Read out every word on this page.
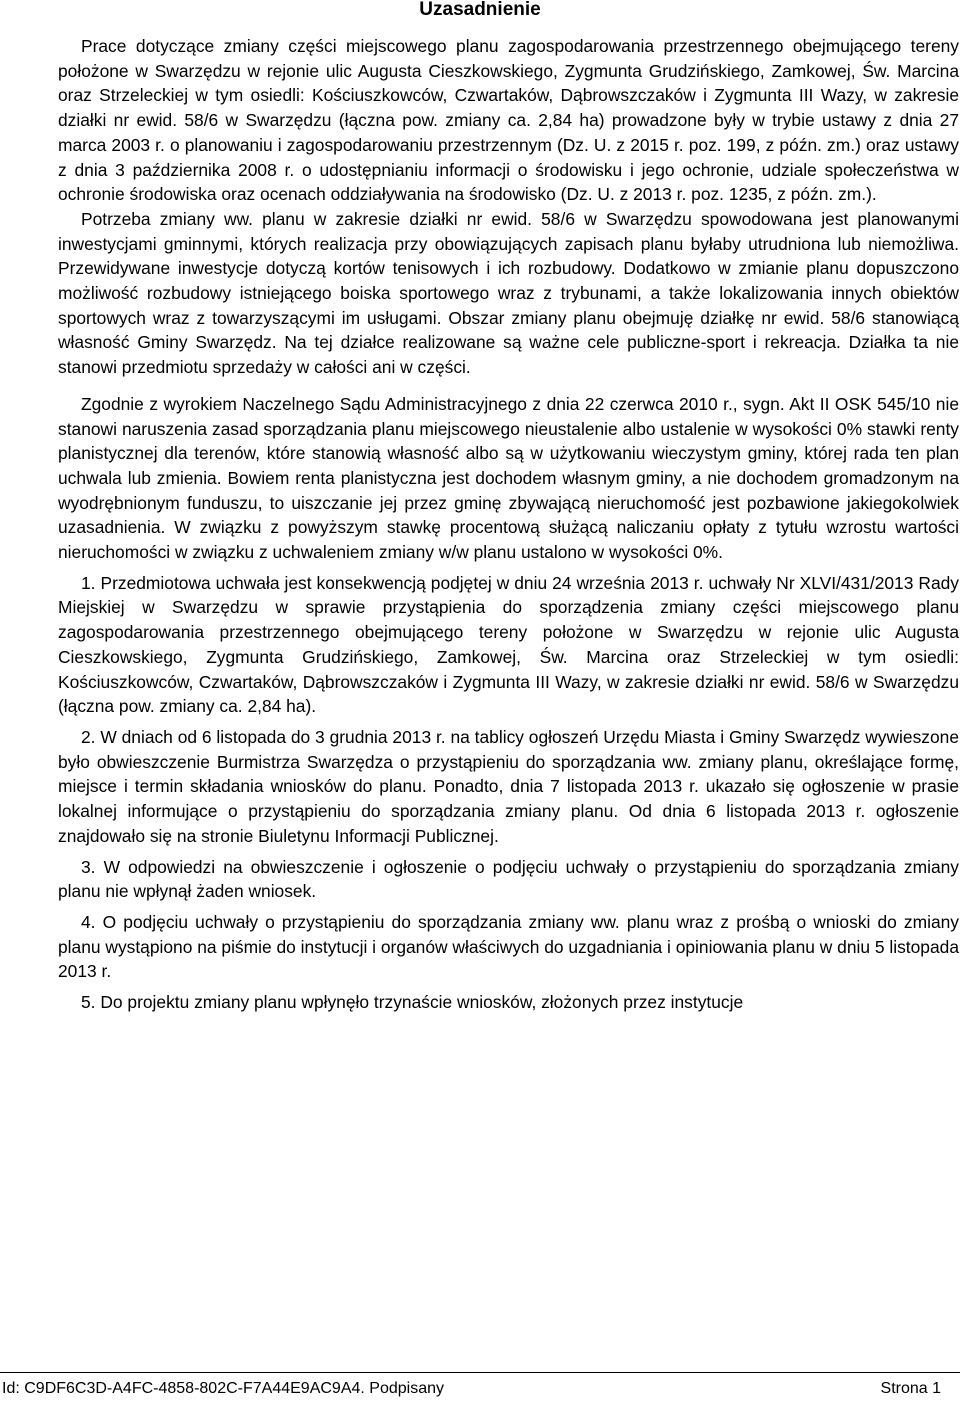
Uzasadnienie

Prace dotyczące zmiany części miejscowego planu zagospodarowania przestrzennego obejmującego tereny położone w Swarzędzu w rejonie ulic Augusta Cieszkowskiego, Zygmunta Grudzińskiego, Zamkowej, Św. Marcina oraz Strzeleckiej w tym osiedli: Kościuszkowców, Czwartaków, Dąbrowszczaków i Zygmunta III Wazy, w zakresie działki nr ewid. 58/6 w Swarzędzu (łączna pow. zmiany ca. 2,84 ha) prowadzone były w trybie ustawy z dnia 27 marca 2003 r. o planowaniu i zagospodarowaniu przestrzennym (Dz. U. z 2015 r. poz. 199, z późn. zm.) oraz ustawy z dnia 3 października 2008 r. o udostępnianiu informacji o środowisku i jego ochronie, udziale społeczeństwa w ochronie środowiska oraz ocenach oddziaływania na środowisko (Dz. U. z 2013 r. poz. 1235, z późn. zm.).

Potrzeba zmiany ww. planu w zakresie działki nr ewid. 58/6 w Swarzędzu spowodowana jest planowanymi inwestycjami gminnymi, których realizacja przy obowiązujących zapisach planu byłaby utrudniona lub niemożliwa. Przewidywane inwestycje dotyczą kortów tenisowych i ich rozbudowy. Dodatkowo w zmianie planu dopuszczono możliwość rozbudowy istniejącego boiska sportowego wraz z trybunami, a także lokalizowania innych obiektów sportowych wraz z towarzyszącymi im usługami. Obszar zmiany planu obejmuję działkę nr ewid. 58/6 stanowiącą własność Gminy Swarzędz. Na tej działce realizowane są ważne cele publiczne-sport i rekreacja. Działka ta nie stanowi przedmiotu sprzedaży w całości ani w części.

Zgodnie z wyrokiem Naczelnego Sądu Administracyjnego z dnia 22 czerwca 2010 r., sygn. Akt II OSK 545/10 nie stanowi naruszenia zasad sporządzania planu miejscowego nieustalenie albo ustalenie w wysokości 0% stawki renty planistycznej dla terenów, które stanowią własność albo są w użytkowaniu wieczystym gminy, której rada ten plan uchwala lub zmienia. Bowiem renta planistyczna jest dochodem własnym gminy, a nie dochodem gromadzonym na wyodrębnionym funduszu, to uiszczanie jej przez gminę zbywającą nieruchomość jest pozbawione jakiegokolwiek uzasadnienia. W związku z powyższym stawkę procentową służącą naliczaniu opłaty z tytułu wzrostu wartości nieruchomości w związku z uchwaleniem zmiany w/w planu ustalono w wysokości 0%.

1. Przedmiotowa uchwała jest konsekwencją podjętej w dniu 24 września 2013 r. uchwały Nr XLVI/431/2013 Rady Miejskiej w Swarzędzu w sprawie przystąpienia do sporządzenia zmiany części miejscowego planu zagospodarowania przestrzennego obejmującego tereny położone w Swarzędzu w rejonie ulic Augusta Cieszkowskiego, Zygmunta Grudzińskiego, Zamkowej, Św. Marcina oraz Strzeleckiej w tym osiedli: Kościuszkowców, Czwartaków, Dąbrowszczaków i Zygmunta III Wazy, w zakresie działki nr ewid. 58/6 w Swarzędzu (łączna pow. zmiany ca. 2,84 ha).

2. W dniach od 6 listopada do 3 grudnia 2013 r. na tablicy ogłoszeń Urzędu Miasta i Gminy Swarzędz wywieszone było obwieszczenie Burmistrza Swarzędza o przystąpieniu do sporządzania ww. zmiany planu, określające formę, miejsce i termin składania wniosków do planu. Ponadto, dnia 7 listopada 2013 r. ukazało się ogłoszenie w prasie lokalnej informujące o przystąpieniu do sporządzania zmiany planu. Od dnia 6 listopada 2013 r. ogłoszenie znajdowało się na stronie Biuletynu Informacji Publicznej.

3. W odpowiedzi na obwieszczenie i ogłoszenie o podjęciu uchwały o przystąpieniu do sporządzania zmiany planu nie wpłynął żaden wniosek.

4. O podjęciu uchwały o przystąpieniu do sporządzania zmiany ww. planu wraz z prośbą o wnioski do zmiany planu wystąpiono na piśmie do instytucji i organów właściwych do uzgadniania i opiniowania planu w dniu 5 listopada 2013 r.

5. Do projektu zmiany planu wpłynęło trzynaście wniosków, złożonych przez instytucje

Id: C9DF6C3D-A4FC-4858-802C-F7A44E9AC9A4. Podpisany	Strona 1
